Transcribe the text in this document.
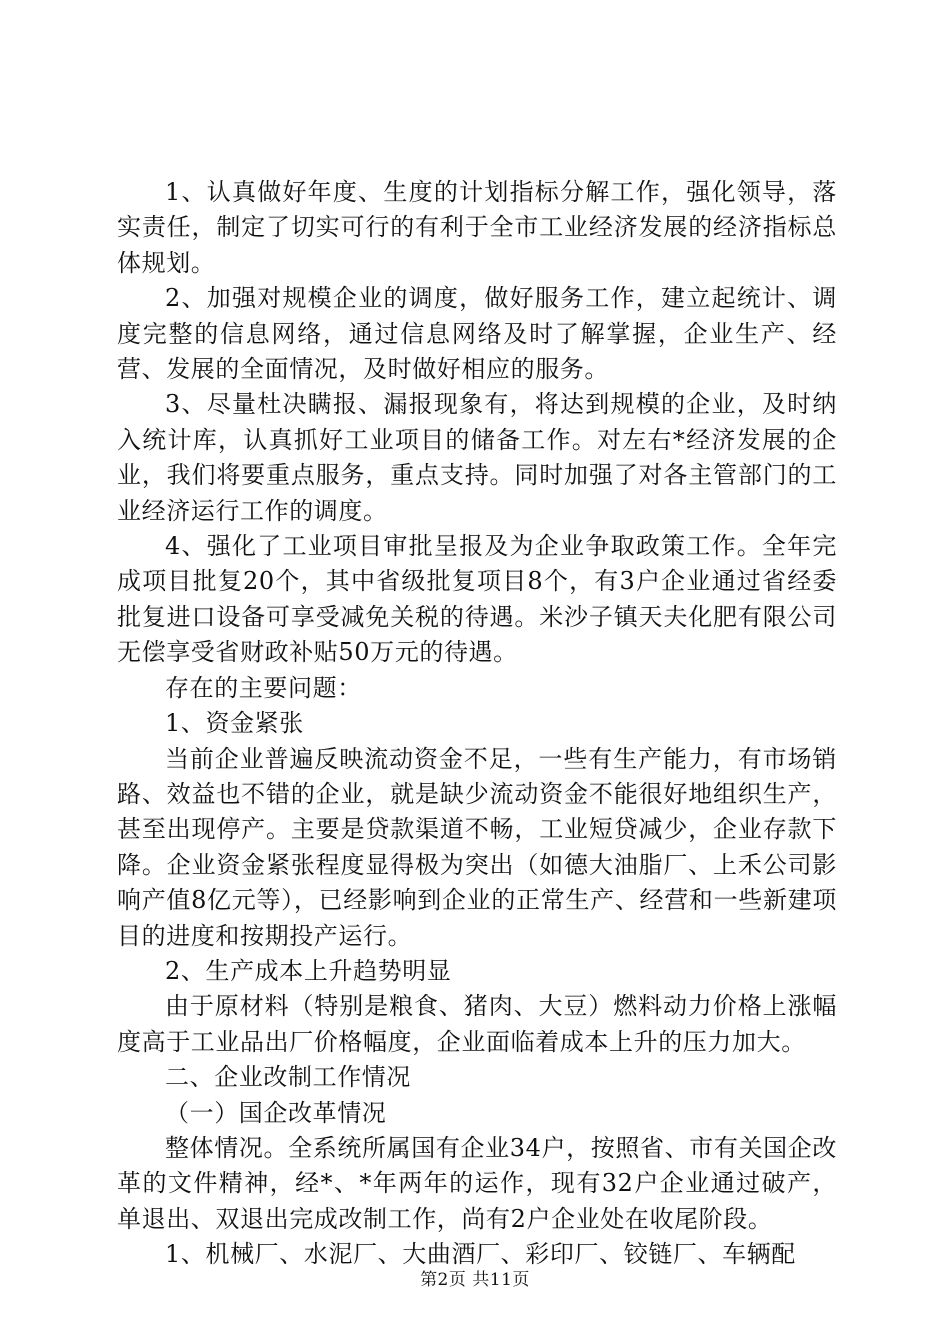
1、认真做好年度、生度的计划指标分解工作，强化领导，落实责任，制定了切实可行的有利于全市工业经济发展的经济指标总体规划。

2、加强对规模企业的调度，做好服务工作，建立起统计、调度完整的信息网络，通过信息网络及时了解掌握，企业生产、经营、发展的全面情况，及时做好相应的服务。

3、尽量杜决瞒报、漏报现象有，将达到规模的企业，及时纳入统计库，认真抓好工业项目的储备工作。对左右*经济发展的企业，我们将要重点服务，重点支持。同时加强了对各主管部门的工业经济运行工作的调度。

4、强化了工业项目审批呈报及为企业争取政策工作。全年完成项目批复20个，其中省级批复项目8个，有3户企业通过省经委批复进口设备可享受减免关税的待遇。米沙子镇天夫化肥有限公司无偿享受省财政补贴50万元的待遇。

存在的主要问题：

1、资金紧张

当前企业普遍反映流动资金不足，一些有生产能力，有市场销路、效益也不错的企业，就是缺少流动资金不能很好地组织生产，甚至出现停产。主要是贷款渠道不畅，工业短贷减少，企业存款下降。企业资金紧张程度显得极为突出（如德大油脂厂、上禾公司影响产值8亿元等），已经影响到企业的正常生产、经营和一些新建项目的进度和按期投产运行。

2、生产成本上升趋势明显

由于原材料（特别是粮食、猪肉、大豆）燃料动力价格上涨幅度高于工业品出厂价格幅度，企业面临着成本上升的压力加大。

二、企业改制工作情况

（一）国企改革情况

整体情况。全系统所属国有企业34户，按照省、市有关国企改革的文件精神，经*、*年两年的运作，现有32户企业通过破产，单退出、双退出完成改制工作，尚有2户企业处在收尾阶段。

1、机械厂、水泥厂、大曲酒厂、彩印厂、铰链厂、车辆配

第2页 共11页
